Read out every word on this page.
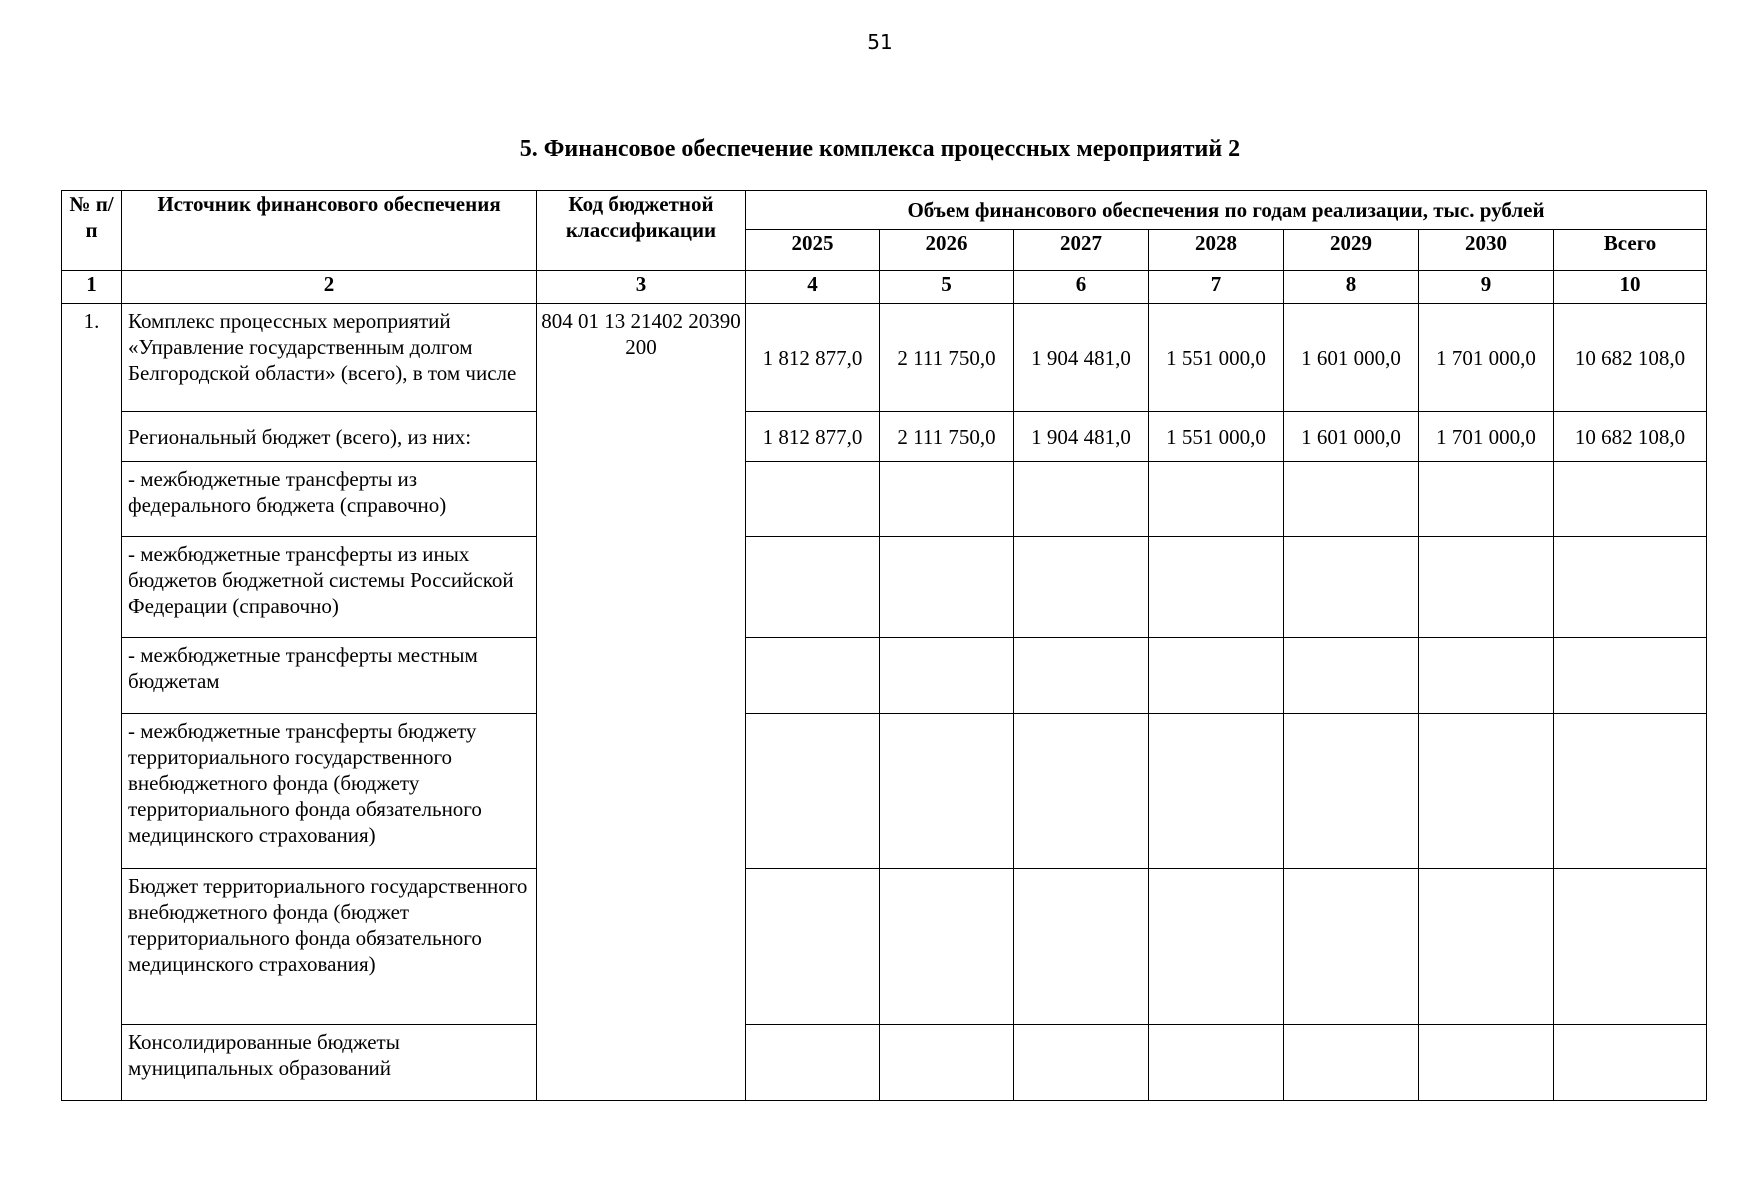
51
5. Финансовое обеспечение комплекса процессных мероприятий 2
№ п/п	Источник финансового обеспечения	Код бюджетной классификации	Объем финансового обеспечения по годам реализации, тыс. рублей						
			2025	2026	2027	2028	2029	2030	Всего
1	2	3	4	5	6	7	8	9	10
1.	Комплекс процессных мероприятий «Управление государственным долгом Белгородской области» (всего), в том числе	804 01 13 21402 20390 200	1 812 877,0	2 111 750,0	1 904 481,0	1 551 000,0	1 601 000,0	1 701 000,0	10 682 108,0
	Региональный бюджет (всего), из них:		1 812 877,0	2 111 750,0	1 904 481,0	1 551 000,0	1 601 000,0	1 701 000,0	10 682 108,0
	- межбюджетные трансферты из федерального бюджета (справочно)								
	- межбюджетные трансферты из иных бюджетов бюджетной системы Российской Федерации (справочно)								
	- межбюджетные трансферты местным бюджетам								
	- межбюджетные трансферты бюджету территориального государственного внебюджетного фонда (бюджету территориального фонда обязательного медицинского страхования)								
	Бюджет территориального государственного внебюджетного фонда (бюджет территориального фонда обязательного медицинского страхования)								
	Консолидированные бюджеты муниципальных образований								
